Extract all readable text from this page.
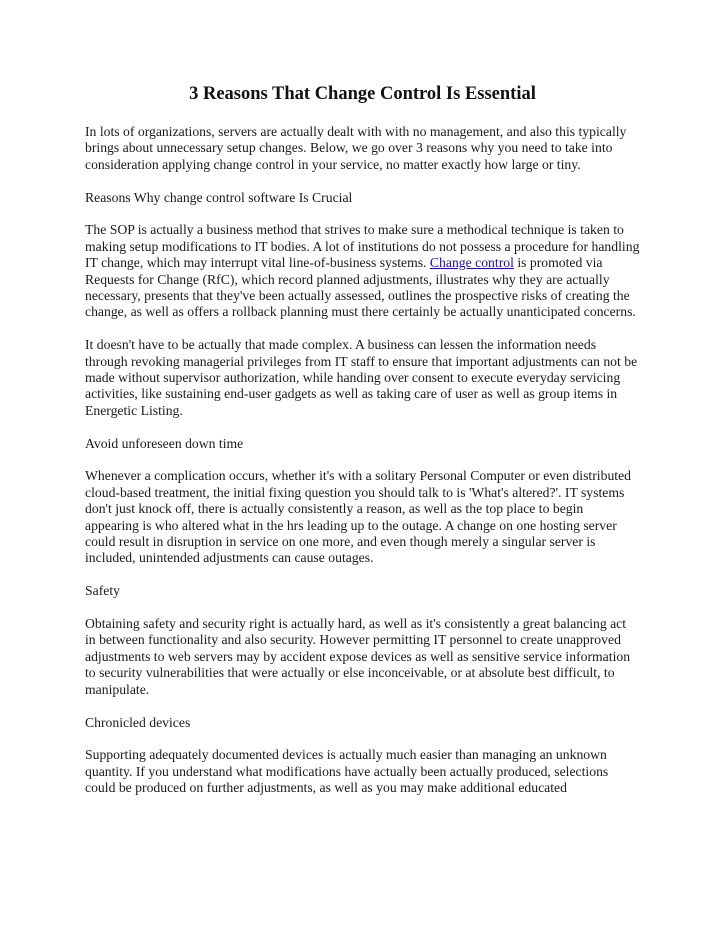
3 Reasons That Change Control Is Essential

In lots of organizations, servers are actually dealt with with no management, and also this typically brings about unnecessary setup changes. Below, we go over 3 reasons why you need to take into consideration applying change control in your service, no matter exactly how large or tiny.

Reasons Why change control software Is Crucial

The SOP is actually a business method that strives to make sure a methodical technique is taken to making setup modifications to IT bodies. A lot of institutions do not possess a procedure for handling IT change, which may interrupt vital line-of-business systems. Change control is promoted via Requests for Change (RfC), which record planned adjustments, illustrates why they are actually necessary, presents that they've been actually assessed, outlines the prospective risks of creating the change, as well as offers a rollback planning must there certainly be actually unanticipated concerns.

It doesn't have to be actually that made complex. A business can lessen the information needs through revoking managerial privileges from IT staff to ensure that important adjustments can not be made without supervisor authorization, while handing over consent to execute everyday servicing activities, like sustaining end-user gadgets as well as taking care of user as well as group items in Energetic Listing.

Avoid unforeseen down time

Whenever a complication occurs, whether it's with a solitary Personal Computer or even distributed cloud-based treatment, the initial fixing question you should talk to is 'What's altered?'. IT systems don't just knock off, there is actually consistently a reason, as well as the top place to begin appearing is who altered what in the hrs leading up to the outage. A change on one hosting server could result in disruption in service on one more, and even though merely a singular server is included, unintended adjustments can cause outages.

Safety

Obtaining safety and security right is actually hard, as well as it's consistently a great balancing act in between functionality and also security. However permitting IT personnel to create unapproved adjustments to web servers may by accident expose devices as well as sensitive service information to security vulnerabilities that were actually or else inconceivable, or at absolute best difficult, to manipulate.

Chronicled devices

Supporting adequately documented devices is actually much easier than managing an unknown quantity. If you understand what modifications have actually been actually produced, selections could be produced on further adjustments, as well as you may make additional educated
